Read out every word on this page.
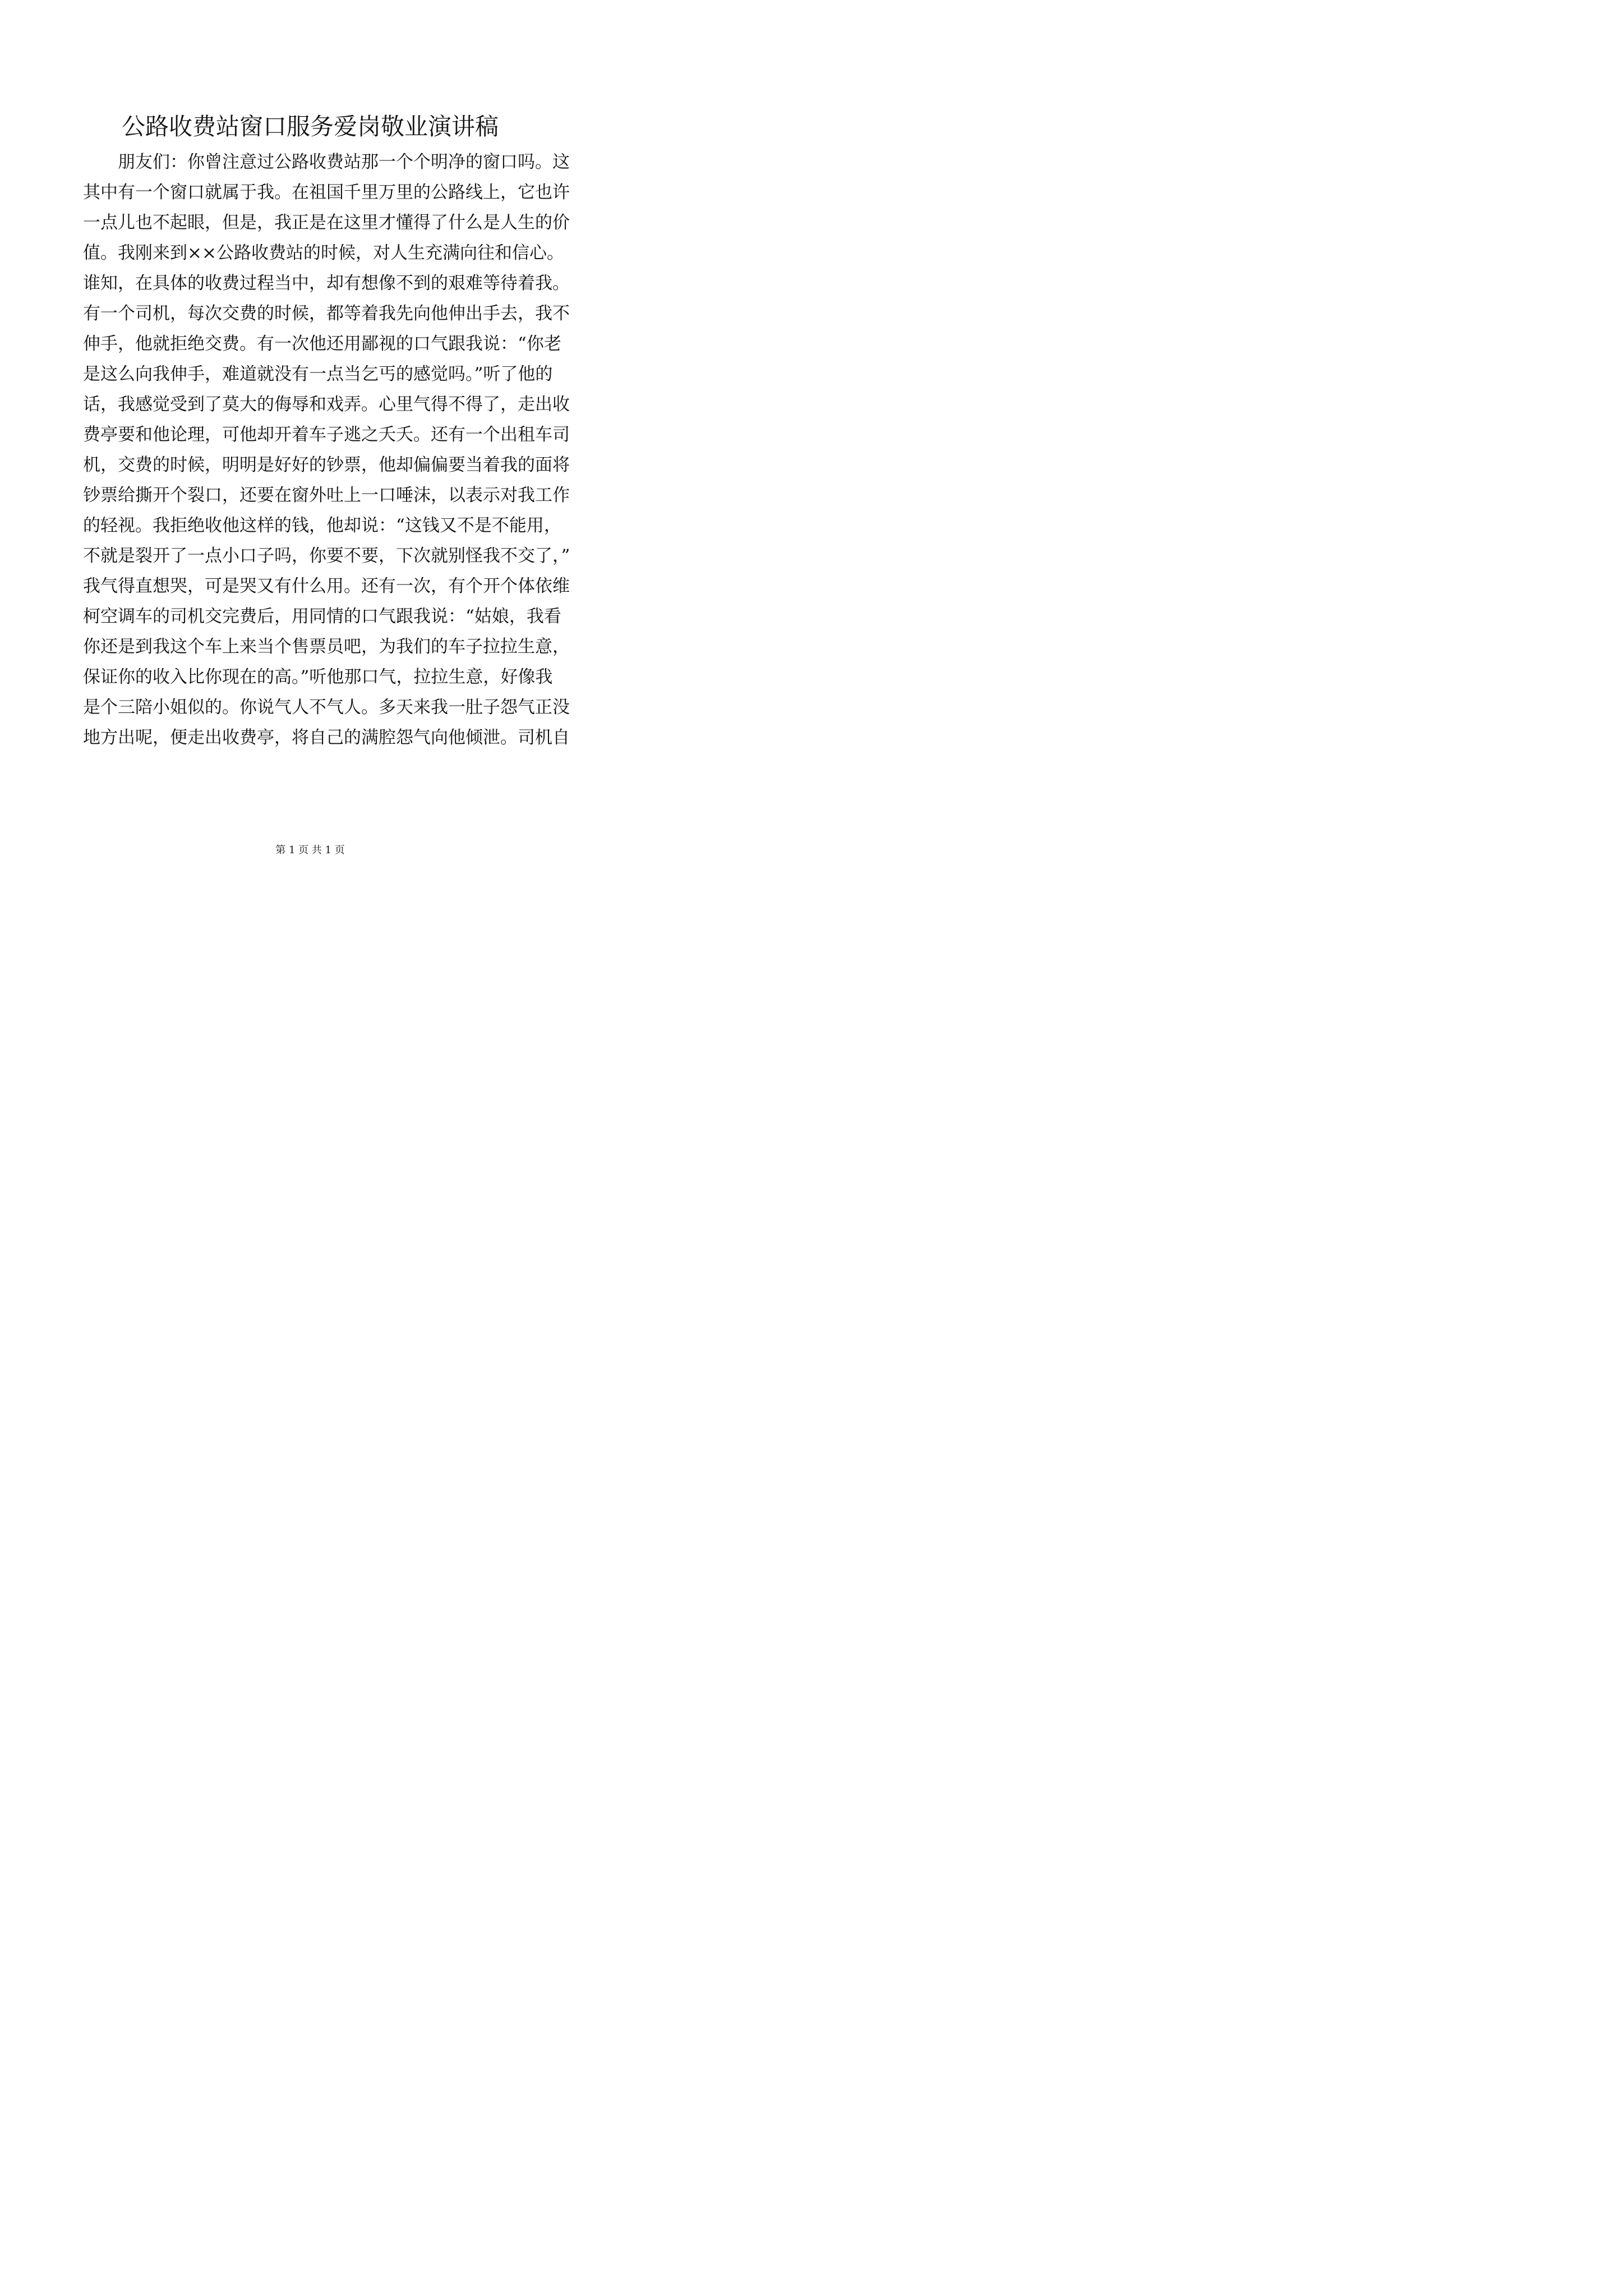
公路收费站窗口服务爱岗敬业演讲稿
朋友们：你曾注意过公路收费站那一个个明净的窗口吗。这
其中有一个窗口就属于我。在祖国千里万里的公路线上，它也许
一点儿也不起眼，但是，我正是在这里才懂得了什么是人生的价
值。我刚来到××公路收费站的时候，对人生充满向往和信心。
谁知，在具体的收费过程当中，却有想像不到的艰难等待着我。
有一个司机，每次交费的时候，都等着我先向他伸出手去，我不
伸手，他就拒绝交费。有一次他还用鄙视的口气跟我说：“你老
是这么向我伸手，难道就没有一点当乞丐的感觉吗。”听了他的
话，我感觉受到了莫大的侮辱和戏弄。心里气得不得了，走出收
费亭要和他论理，可他却开着车子逃之夭夭。还有一个出租车司
机，交费的时候，明明是好好的钞票，他却偏偏要当着我的面将
钞票给撕开个裂口，还要在窗外吐上一口唾沫，以表示对我工作
的轻视。我拒绝收他这样的钱，他却说：“这钱又不是不能用，
不就是裂开了一点小口子吗，你要不要，下次就别怪我不交了，”
我气得直想哭，可是哭又有什么用。还有一次，有个开个体依维
柯空调车的司机交完费后，用同情的口气跟我说：“姑娘，我看
你还是到我这个车上来当个售票员吧，为我们的车子拉拉生意，
保证你的收入比你现在的高。”听他那口气，拉拉生意，好像我
是个三陪小姐似的。你说气人不气人。多天来我一肚子怨气正没
地方出呢，便走出收费亭，将自己的满腔怨气向他倾泄。司机自
第 1 页 共 1 页
